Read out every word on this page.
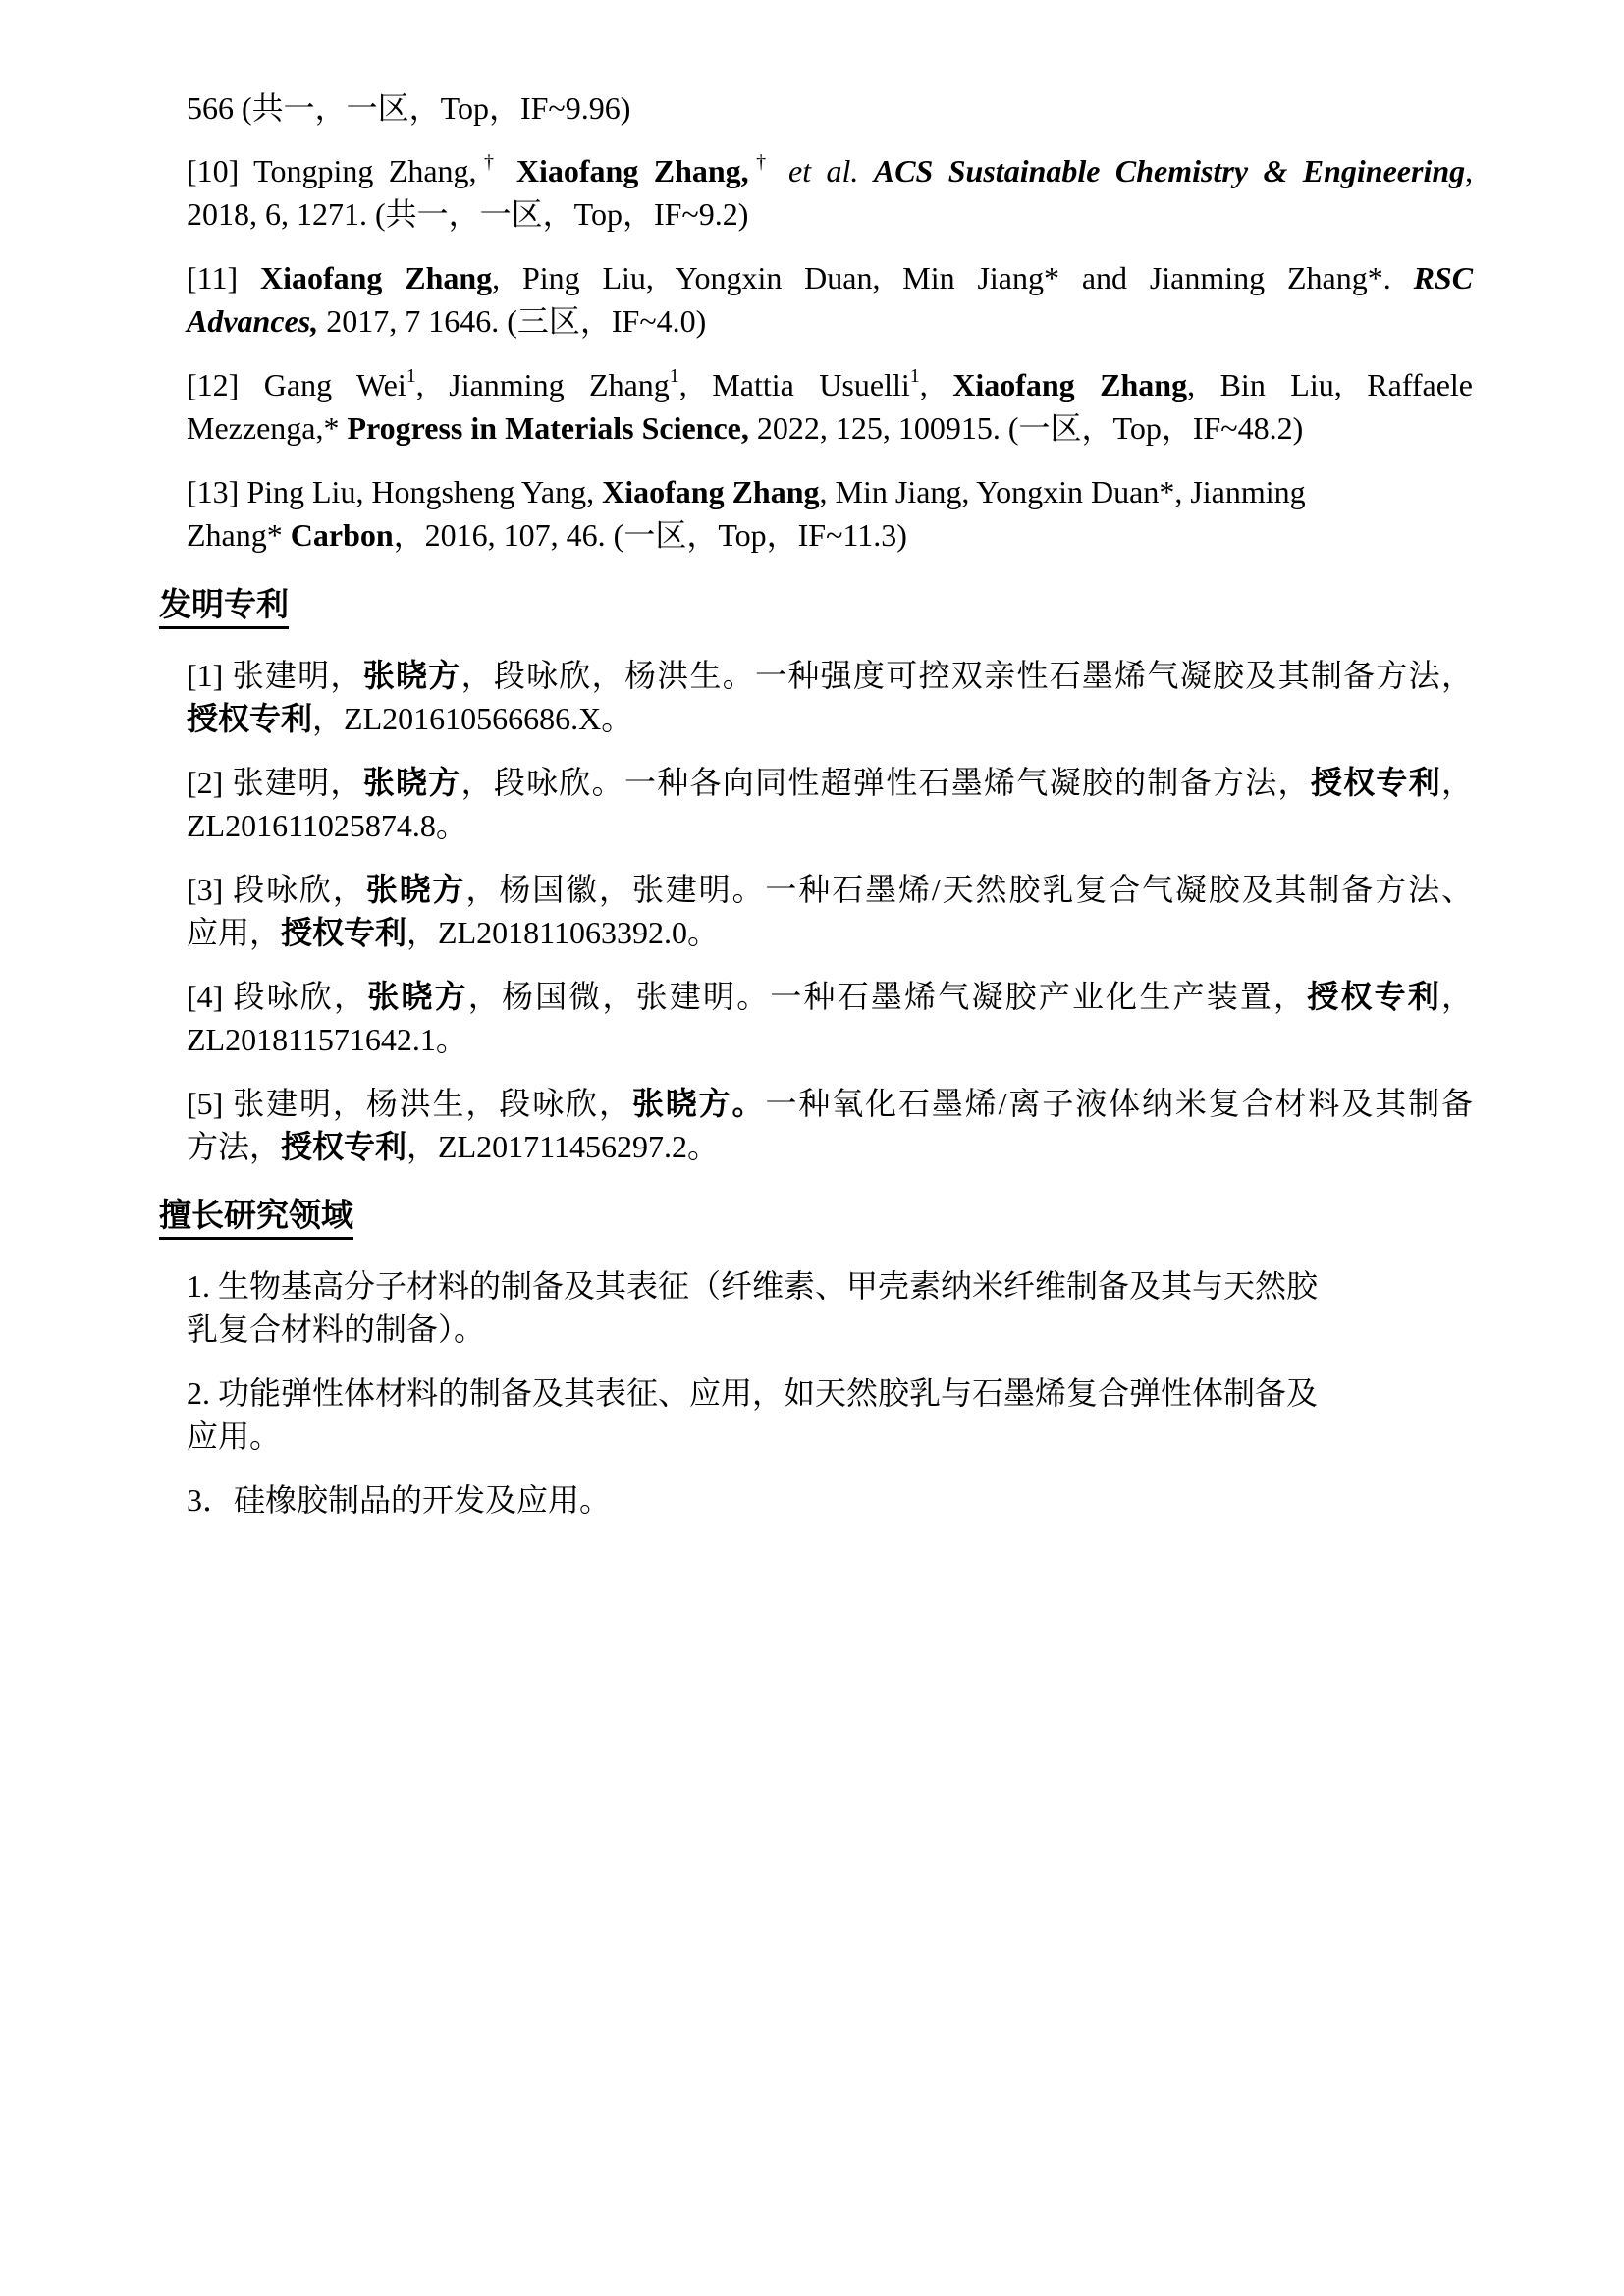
566 (共一，一区，Top，IF~9.96)
[10] Tongping Zhang,† Xiaofang Zhang,† et al. ACS Sustainable Chemistry & Engineering,
2018, 6, 1271. (共一，一区，Top，IF~9.2)
[11] Xiaofang Zhang, Ping Liu, Yongxin Duan, Min Jiang* and Jianming Zhang*. RSC
Advances, 2017, 7 1646. (三区，IF~4.0)
[12] Gang Wei$^1$, Jianming Zhang$^1$, Mattia Usuelli$^1$, Xiaofang Zhang, Bin Liu, Raffaele
Mezzenga,* Progress in Materials Science, 2022, 125, 100915. (一区，Top，IF~48.2)
[13] Ping Liu, Hongsheng Yang, Xiaofang Zhang, Min Jiang, Yongxin Duan*, Jianming
Zhang* Carbon，2016, 107, 46. (一区，Top，IF~11.3)
发明专利
[1] 张建明，张晓方，段咏欣，杨洪生。一种强度可控双亲性石墨烯气凝胶及其制备方法，
授权专利，ZL201610566686.X。
[2] 张建明，张晓方，段咏欣。一种各向同性超弹性石墨烯气凝胶的制备方法，授权专利，
ZL201611025874.8。
[3] 段咏欣，张晓方，杨国徽，张建明。一种石墨烯/天然胶乳复合气凝胶及其制备方法、
应用，授权专利，ZL201811063392.0。
[4] 段咏欣，张晓方，杨国微，张建明。一种石墨烯气凝胶产业化生产装置，授权专利，
ZL201811571642.1。
[5] 张建明，杨洪生，段咏欣，张晓方。一种氧化石墨烯/离子液体纳米复合材料及其制备
方法，授权专利，ZL201711456297.2。
擅长研究领域
1. 生物基高分子材料的制备及其表征（纤维素、甲壳素纳米纤维制备及其与天然胶
乳复合材料的制备）。
2. 功能弹性体材料的制备及其表征、应用，如天然胶乳与石墨烯复合弹性体制备及
应用。
3．硅橡胶制品的开发及应用。
